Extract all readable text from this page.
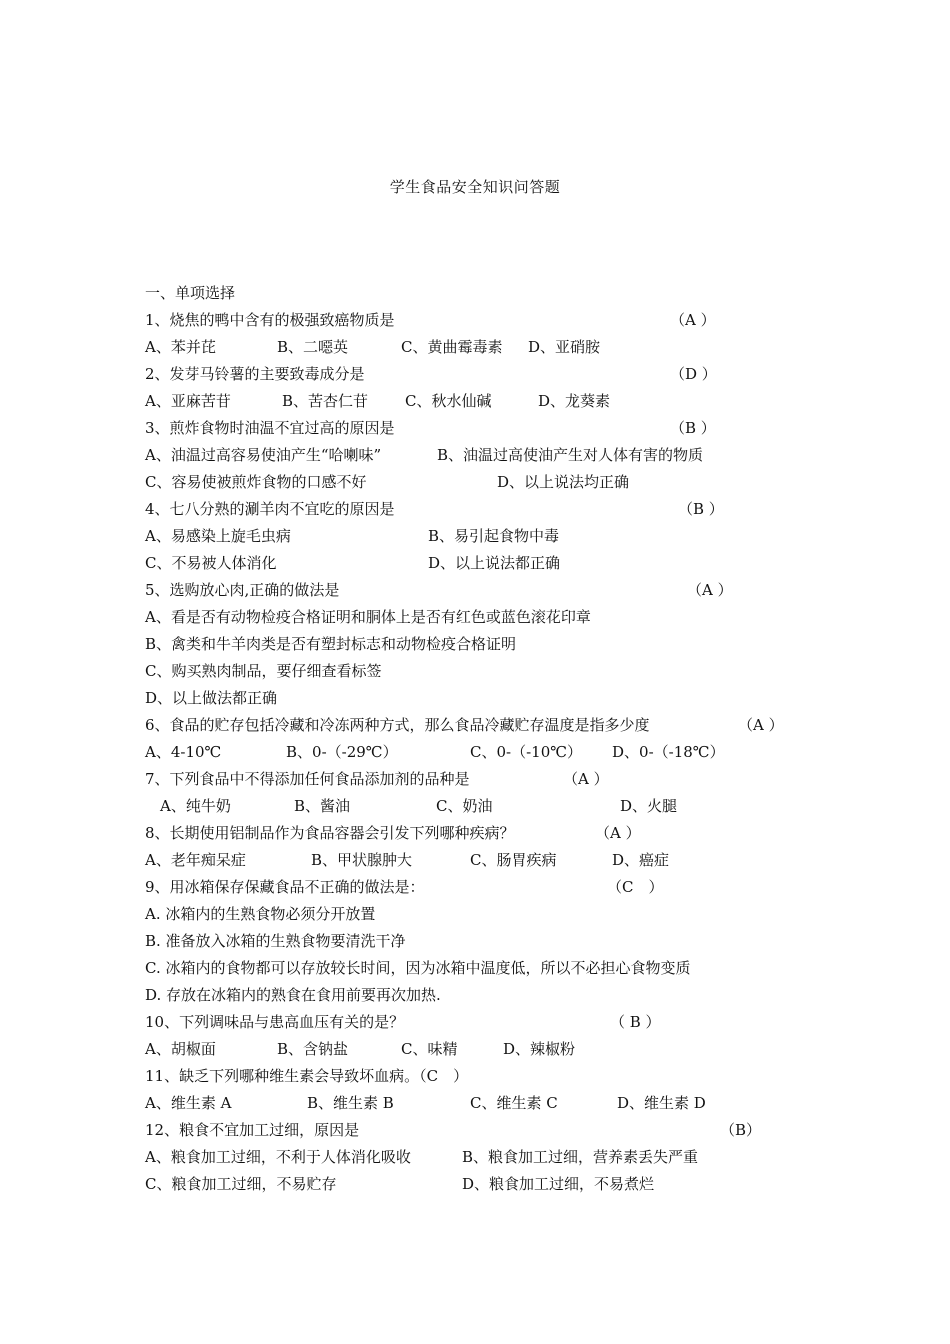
学生食品安全知识问答题
一、单项选择
1、烧焦的鸭中含有的极强致癌物质是	（A ）
A、苯并芘	B、二噁英	C、黄曲霉毒素 D、亚硝胺
2、发芽马铃薯的主要致毒成分是	（D ）
A、亚麻苦苷	B、苦杏仁苷 C、秋水仙碱	D、龙葵素
3、煎炸食物时油温不宜过高的原因是	（B ）
A、油温过高容易使油产生“哈喇味”	B、油温过高使油产生对人体有害的物质
C、容易使被煎炸食物的口感不好	D、以上说法均正确
4、七八分熟的涮羊肉不宜吃的原因是	（B ）
A、易感染上旋毛虫病	B、易引起食物中毒
C、不易被人体消化	D、以上说法都正确
5、选购放心肉,正确的做法是	（A ）
A、看是否有动物检疫合格证明和胴体上是否有红色或蓝色滚花印章
B、禽类和牛羊肉类是否有塑封标志和动物检疫合格证明
C、购买熟肉制品，要仔细查看标签
D、以上做法都正确
6、食品的贮存包括冷藏和冷冻两种方式，那么食品冷藏贮存温度是指多少度	（A ）
A、4-10℃	B、0-（-29℃）	C、0-（-10℃） D、0-（-18℃）
7、下列食品中不得添加任何食品添加剂的品种是	（A ）
A、纯牛奶	B、酱油	C、奶油	D、火腿
8、长期使用铝制品作为食品容器会引发下列哪种疾病？	（A ）
A、老年痴呆症	B、甲状腺肿大	C、肠胃疾病	D、癌症
9、用冰箱保存保藏食品不正确的做法是：	（C　）
A. 冰箱内的生熟食物必须分开放置
B. 准备放入冰箱的生熟食物要清洗干净
C. 冰箱内的食物都可以存放较长时间，因为冰箱中温度低，所以不必担心食物变质
D. 存放在冰箱内的熟食在食用前要再次加热.
10、下列调味品与患高血压有关的是？	（ B ）
A、胡椒面	B、含钠盐	C、味精	D、辣椒粉
11、缺乏下列哪种维生素会导致坏血病。（C　）
A、维生素 A	B、维生素 B	C、维生素 C	D、维生素 D
12、粮食不宜加工过细，原因是	（B）
A、粮食加工过细，不利于人体消化吸收	B、粮食加工过细，营养素丢失严重
C、粮食加工过细，不易贮存	D、粮食加工过细，不易煮烂
